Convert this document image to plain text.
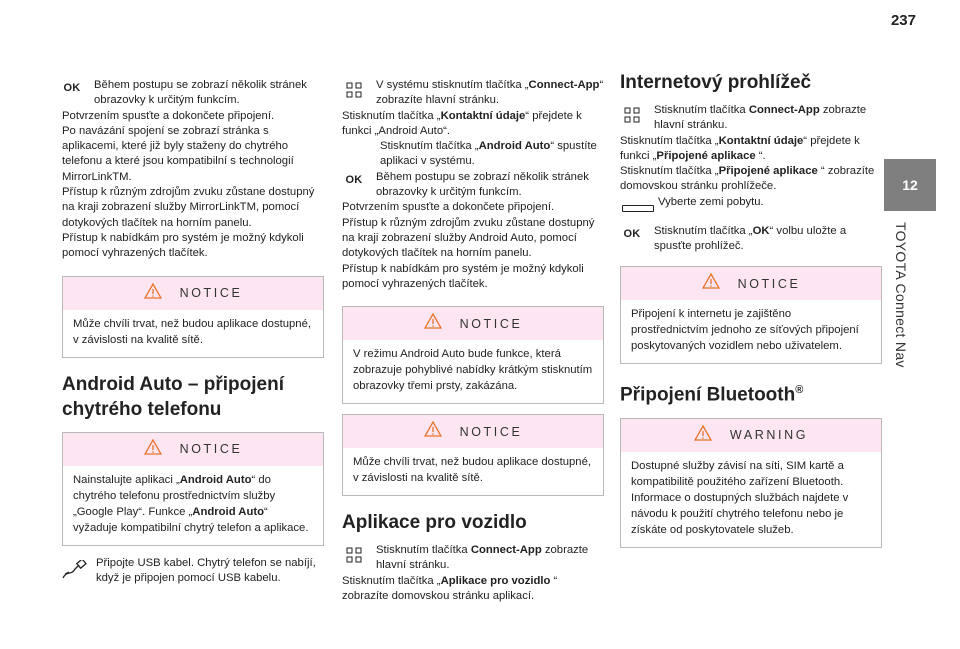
237
12
TOYOTA Connect Nav
OK Během postupu se zobrazí několik stránek obrazovky k určitým funkcím.

Potvrzením spusťte a dokončete připojení.

Po navázání spojení se zobrazí stránka s aplikacemi, které již byly staženy do chytrého telefonu a které jsou kompatibilní s technologií MirrorLinkTM.

Přístup k různým zdrojům zvuku zůstane dostupný na kraji zobrazení služby MirrorLinkTM, pomocí dotykových tlačítek na horním panelu.

Přístup k nabídkám pro systém je možný kdykoli pomocí vyhrazených tlačítek.

NOTICE
Může chvíli trvat, než budou aplikace dostupné, v závislosti na kvalitě sítě.
Android Auto – připojení chytrého telefonu
NOTICE
Nainstalujte aplikaci „Android Auto“ do chytrého telefonu prostřednictvím služby „Google Play“. Funkce „Android Auto“ vyžaduje kompatibilní chytrý telefon a aplikace.

Připojte USB kabel. Chytrý telefon se nabíjí, když je připojen pomocí USB kabelu.

V systému stisknutím tlačítka „Connect-App“ zobrazíte hlavní stránku.

Stisknutím tlačítka „Kontaktní údaje“ přejdete k funkci „Android Auto“.

Stisknutím tlačítka „Android Auto“ spustíte aplikaci v systému.

OK Během postupu se zobrazí několik stránek obrazovky k určitým funkcím.

Potvrzením spusťte a dokončete připojení.

Přístup k různým zdrojům zvuku zůstane dostupný na kraji zobrazení služby Android Auto, pomocí dotykových tlačítek na horním panelu.

Přístup k nabídkám pro systém je možný kdykoli pomocí vyhrazených tlačítek.

NOTICE
V režimu Android Auto bude funkce, která zobrazuje pohyblivé nabídky krátkým stisknutím obrazovky třemi prsty, zakázána.
NOTICE
Může chvíli trvat, než budou aplikace dostupné, v závislosti na kvalitě sítě.
Aplikace pro vozidlo

Stisknutím tlačítka Connect-App zobrazte hlavní stránku.

Stisknutím tlačítka „Aplikace pro vozidlo “ zobrazíte domovskou stránku aplikací.

Internetový prohlížeč

Stisknutím tlačítka Connect-App zobrazte hlavní stránku.

Stisknutím tlačítka „Kontaktní údaje“ přejdete k funkci „Připojené aplikace “.

Stisknutím tlačítka „Připojené aplikace “ zobrazíte domovskou stránku prohlížeče.

Vyberte zemi pobytu.

OK Stisknutím tlačítka „OK“ volbu uložte a spusťte prohlížeč.

NOTICE
Připojení k internetu je zajištěno prostřednictvím jednoho ze síťových připojení poskytovaných vozidlem nebo uživatelem.
Připojení Bluetooth®
WARNING
Dostupné služby závisí na síti, SIM kartě a kompatibilitě použitého zařízení Bluetooth. Informace o dostupných službách najdete v návodu k použití chytrého telefonu nebo je získáte od poskytovatele služeb.
